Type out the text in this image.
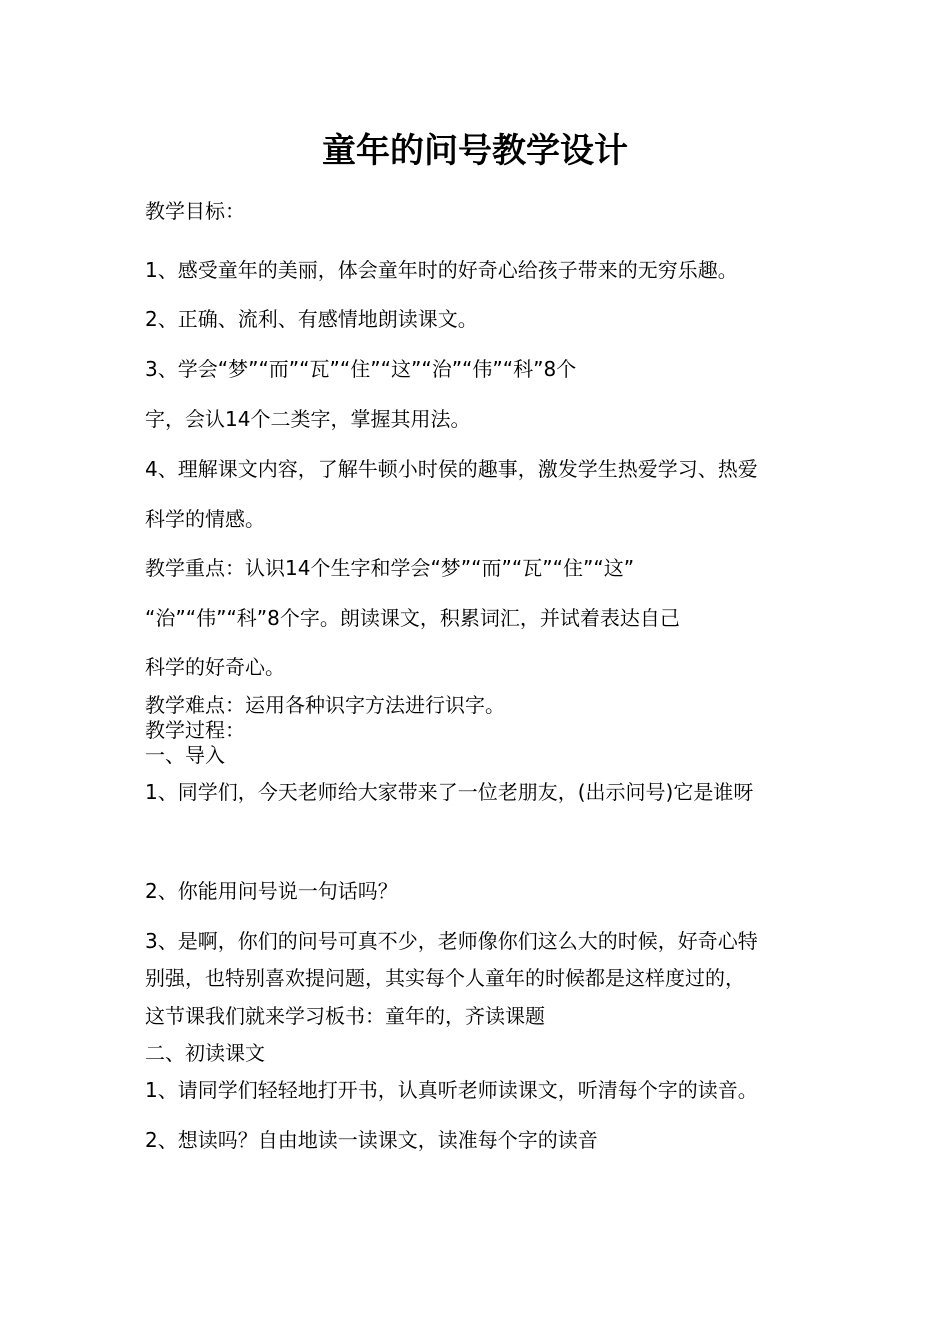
童年的问号教学设计
教学目标：
1、感受童年的美丽，体会童年时的好奇心给孩子带来的无穷乐趣。
2、正确、流利、有感情地朗读课文。
3、学会“梦”“而”“瓦”“住”“这”“治”“伟”“科”8个
字，会认14个二类字，掌握其用法。
4、理解课文内容，了解牛顿小时侯的趣事，激发学生热爱学习、热爱
科学的情感。
教学重点：认识14个生字和学会“梦”“而”“瓦”“住”“这”
“治”“伟”“科”8个字。朗读课文，积累词汇，并试着表达自己
科学的好奇心。
教学难点：运用各种识字方法进行识字。
教学过程：
一、导入
1、同学们，今天老师给大家带来了一位老朋友，(出示问号)它是谁呀
2、你能用问号说一句话吗？
3、是啊，你们的问号可真不少，老师像你们这么大的时候，好奇心特
别强，也特别喜欢提问题，其实每个人童年的时候都是这样度过的，
这节课我们就来学习板书：童年的，齐读课题
二、初读课文
1、请同学们轻轻地打开书，认真听老师读课文，听清每个字的读音。
2、想读吗？自由地读一读课文，读准每个字的读音
